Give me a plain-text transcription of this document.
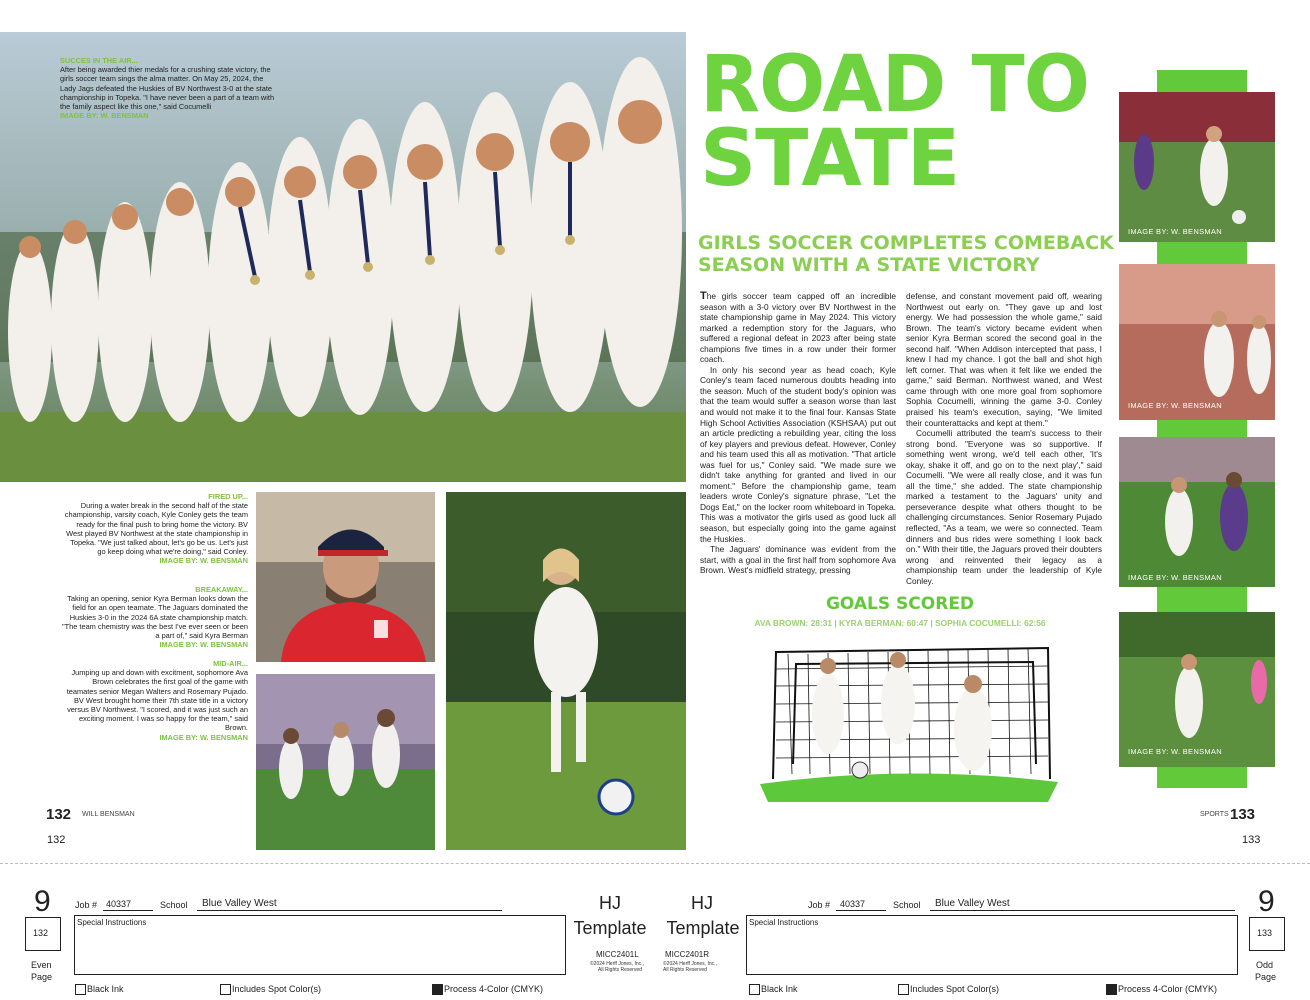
SUCCES IN THE AIR...
After being awarded thier medals for a crushing state victory, the girls soccer team sings the alma matter. On May 25, 2024, the Lady Jags defeated the Huskies of BV Northwest 3-0 at the state championship in Topeka. "I have never been a part of a team with the family aspect like this one," said Cocumelli
IMAGE BY: W. BENSMAN
FIRED UP...
During a water break in the second half of the state championship, varsity coach, Kyle Conley gets the team ready for the final push to bring home the victory. BV West played BV Northwest at the state championship in Topeka. "We just talked about, let's go be us. Let's just go keep doing what we're doing," said Conley.
IMAGE BY: W. BENSMAN
BREAKAWAY...
Taking an opening, senior Kyra Berman looks down the field for an open teamate. The Jaguars dominated the Huskies 3-0 in the 2024 6A state championship match. "The team chemistry was the best I've ever seen or been a part of," said Kyra Berman
IMAGE BY: W. BENSMAN
MID-AIR...
Jumping up and down with excitment, sophomore Ava Brown celebrates the first goal of the game with teamates senior Megan Walters and Rosemary Pujado. BV West brought home their 7th state title in a victory versus BV Northwest. "I scored, and it was just such an exciting moment. I was so happy for the team," said Brown.
IMAGE BY: W. BENSMAN
132 WILL BENSMAN
132
ROAD TO
STATE
GIRLS SOCCER COMPLETES COMEBACK SEASON WITH A STATE VICTORY

The girls soccer team capped off an incredible season with a 3-0 victory over BV Northwest in the state championship game in May 2024. This victory marked a redemption story for the Jaguars, who suffered a regional defeat in 2023 after being state champions five times in a row under their former coach.

In only his second year as head coach, Kyle Conley's team faced numerous doubts heading into the season. Much of the student body's opinion was that the team would suffer a season worse than last and would not make it to the final four. Kansas State High School Activities Association (KSHSAA) put out an article predicting a rebuilding year, citing the loss of key players and previous defeat. However, Conley and his team used this all as motivation. "That article was fuel for us," Conley said. "We made sure we didn't take anything for granted and lived in our moment." Before the championship game, team leaders wrote Conley's signature phrase, "Let the Dogs Eat," on the locker room whiteboard in Topeka. This was a motivator the girls used as good luck all season, but especially going into the game against the Huskies.

The Jaguars' dominance was evident from the start, with a goal in the first half from sophomore Ava Brown. West's midfield strategy, pressing

defense, and constant movement paid off, wearing Northwest out early on. "They gave up and lost energy. We had possession the whole game," said Brown. The team's victory became evident when senior Kyra Berman scored the second goal in the second half. "When Addison intercepted that pass, I knew I had my chance. I got the ball and shot high left corner. That was when it felt like we ended the game," said Berman. Northwest waned, and West came through with one more goal from sophomore Sophia Cocumelli, winning the game 3-0. Conley praised his team's execution, saying, "We limited their counterattacks and kept at them."

Cocumelli attributed the team's success to their strong bond. "Everyone was so supportive. If something went wrong, we'd tell each other, 'It's okay, shake it off, and go on to the next play'," said Cocumelli. "We were all really close, and it was fun all the time," she added. The state championship marked a testament to the Jaguars' unity and perseverance despite what others thought to be challenging circumstances. Senior Rosemary Pujado reflected, "As a team, we were so connected. Team dinners and bus rides were something I look back on." With their title, the Jaguars proved their doubters wrong and reinvented their legacy as a championship team under the leadership of Kyle Conley.

GOALS SCORED
AVA BROWN: 28:31 | KYRA BERMAN: 60:47 | SOPHIA COCUMELLI: 62:56
IMAGE BY: W. BENSMAN
IMAGE BY: W. BENSMAN
IMAGE BY: W. BENSMAN
IMAGE BY: W. BENSMAN
SPORTS 133
133
9
132
Even
Page
Job # 40337	School Blue Valley West
Special Instructions
HJ
Template
MICC2401L
©2024 Herff Jones, Inc.,
All Rights Reserved
Black Ink	Includes Spot Color(s)	Process 4-Color (CMYK)
HJ
Template
MICC2401R
©2024 Herff Jones, Inc.,
All Rights Reserved
Job # 40337	School Blue Valley West
Special Instructions
9
133
Odd
Page
Black Ink	Includes Spot Color(s)	Process 4-Color (CMYK)
